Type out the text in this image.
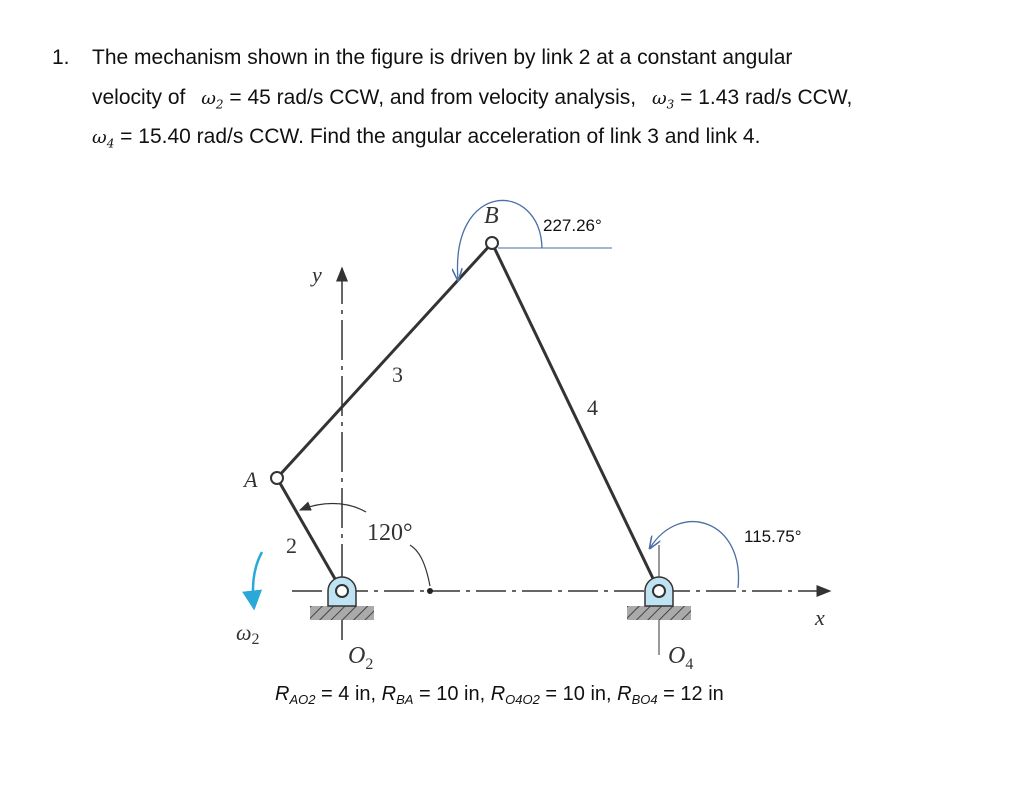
1. The mechanism shown in the figure is driven by link 2 at a constant angular
velocity of $\omega_2 = 45$ rad/s CCW, and from velocity analysis, $\omega_3 = 1.43$ rad/s CCW,
$\omega_4 = 15.40$ rad/s CCW. Find the angular acceleration of link 3 and link 4.
B	227.26°
y
3
4
A
2	120°	115.75°
x
ω2
$O_2$	$O_4$
$R_{AO2} = 4$ in, $R_{BA} = 10$ in, $R_{O4O2} = 10$ in, $R_{BO4} = 12$ in
